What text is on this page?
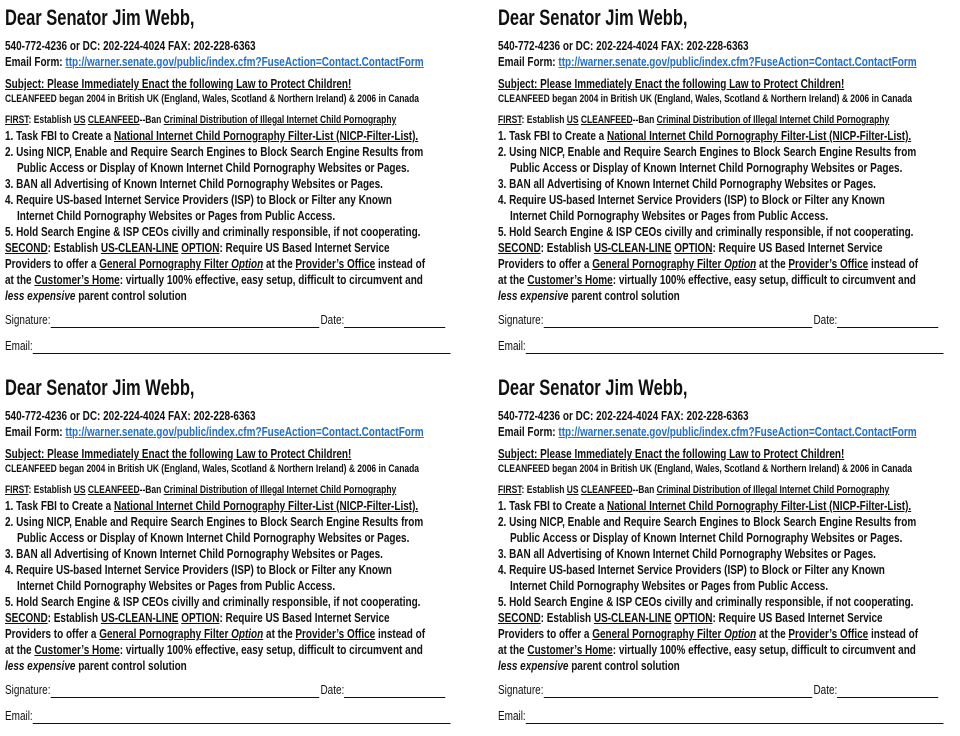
Dear Senator Jim Webb,
540-772-4236 or DC: 202-224-4024 FAX: 202-228-6363
Email Form: ttp://warner.senate.gov/public/index.cfm?FuseAction=Contact.ContactForm
Subject: Please Immediately Enact the following Law to Protect Children!
CLEANFEED began 2004 in British UK (England, Wales, Scotland & Northern Ireland) & 2006 in Canada
FIRST: Establish US CLEANFEED--Ban Criminal Distribution of Illegal Internet Child Pornography
1. Task FBI to Create a National Internet Child Pornography Filter-List (NICP-Filter-List).
2. Using NICP, Enable and Require Search Engines to Block Search Engine Results from
Public Access or Display of Known Internet Child Pornography Websites or Pages.
3. BAN all Advertising of Known Internet Child Pornography Websites or Pages.
4. Require US-based Internet Service Providers (ISP) to Block or Filter any Known
Internet Child Pornography Websites or Pages from Public Access.
5. Hold Search Engine & ISP CEOs civilly and criminally responsible, if not cooperating.
SECOND: Establish US-CLEAN-LINE OPTION: Require US Based Internet Service
Providers to offer a General Pornography Filter Option at the Provider’s Office instead of
at the Customer’s Home: virtually 100% effective, easy setup, difficult to circumvent and
less expensive parent control solution
Signature:	Date:
Email:
Dear Senator Jim Webb,
540-772-4236 or DC: 202-224-4024 FAX: 202-228-6363
Email Form: ttp://warner.senate.gov/public/index.cfm?FuseAction=Contact.ContactForm
Subject: Please Immediately Enact the following Law to Protect Children!
CLEANFEED began 2004 in British UK (England, Wales, Scotland & Northern Ireland) & 2006 in Canada
FIRST: Establish US CLEANFEED--Ban Criminal Distribution of Illegal Internet Child Pornography
1. Task FBI to Create a National Internet Child Pornography Filter-List (NICP-Filter-List).
2. Using NICP, Enable and Require Search Engines to Block Search Engine Results from
Public Access or Display of Known Internet Child Pornography Websites or Pages.
3. BAN all Advertising of Known Internet Child Pornography Websites or Pages.
4. Require US-based Internet Service Providers (ISP) to Block or Filter any Known
Internet Child Pornography Websites or Pages from Public Access.
5. Hold Search Engine & ISP CEOs civilly and criminally responsible, if not cooperating.
SECOND: Establish US-CLEAN-LINE OPTION: Require US Based Internet Service
Providers to offer a General Pornography Filter Option at the Provider’s Office instead of
at the Customer’s Home: virtually 100% effective, easy setup, difficult to circumvent and
less expensive parent control solution
Signature:	Date:
Email:
Dear Senator Jim Webb,
540-772-4236 or DC: 202-224-4024 FAX: 202-228-6363
Email Form: ttp://warner.senate.gov/public/index.cfm?FuseAction=Contact.ContactForm
Subject: Please Immediately Enact the following Law to Protect Children!
CLEANFEED began 2004 in British UK (England, Wales, Scotland & Northern Ireland) & 2006 in Canada
FIRST: Establish US CLEANFEED--Ban Criminal Distribution of Illegal Internet Child Pornography
1. Task FBI to Create a National Internet Child Pornography Filter-List (NICP-Filter-List).
2. Using NICP, Enable and Require Search Engines to Block Search Engine Results from
Public Access or Display of Known Internet Child Pornography Websites or Pages.
3. BAN all Advertising of Known Internet Child Pornography Websites or Pages.
4. Require US-based Internet Service Providers (ISP) to Block or Filter any Known
Internet Child Pornography Websites or Pages from Public Access.
5. Hold Search Engine & ISP CEOs civilly and criminally responsible, if not cooperating.
SECOND: Establish US-CLEAN-LINE OPTION: Require US Based Internet Service
Providers to offer a General Pornography Filter Option at the Provider’s Office instead of
at the Customer’s Home: virtually 100% effective, easy setup, difficult to circumvent and
less expensive parent control solution
Signature:	Date:
Email:
Dear Senator Jim Webb,
540-772-4236 or DC: 202-224-4024 FAX: 202-228-6363
Email Form: ttp://warner.senate.gov/public/index.cfm?FuseAction=Contact.ContactForm
Subject: Please Immediately Enact the following Law to Protect Children!
CLEANFEED began 2004 in British UK (England, Wales, Scotland & Northern Ireland) & 2006 in Canada
FIRST: Establish US CLEANFEED--Ban Criminal Distribution of Illegal Internet Child Pornography
1. Task FBI to Create a National Internet Child Pornography Filter-List (NICP-Filter-List).
2. Using NICP, Enable and Require Search Engines to Block Search Engine Results from
Public Access or Display of Known Internet Child Pornography Websites or Pages.
3. BAN all Advertising of Known Internet Child Pornography Websites or Pages.
4. Require US-based Internet Service Providers (ISP) to Block or Filter any Known
Internet Child Pornography Websites or Pages from Public Access.
5. Hold Search Engine & ISP CEOs civilly and criminally responsible, if not cooperating.
SECOND: Establish US-CLEAN-LINE OPTION: Require US Based Internet Service
Providers to offer a General Pornography Filter Option at the Provider’s Office instead of
at the Customer’s Home: virtually 100% effective, easy setup, difficult to circumvent and
less expensive parent control solution
Signature:	Date:
Email:
